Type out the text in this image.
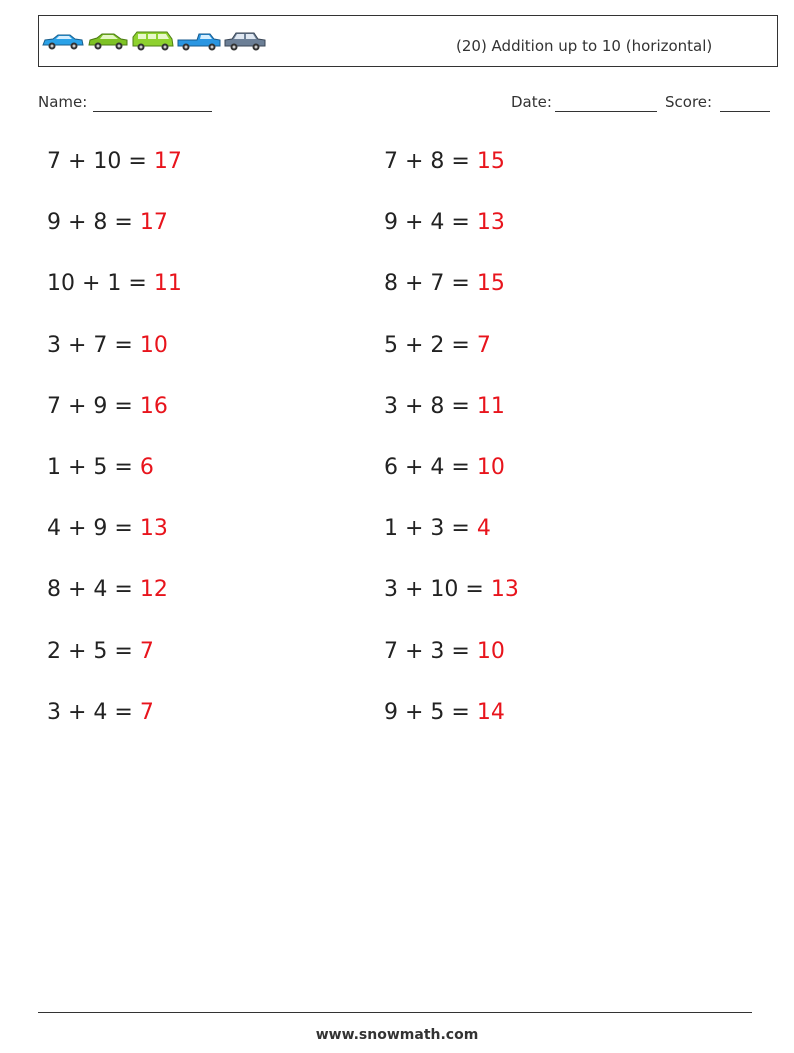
(20) Addition up to 10 (horizontal)
Name:	Date:	Score:
7 + 10 = 17
9 + 8 = 17
10 + 1 = 11
3 + 7 = 10
7 + 9 = 16
1 + 5 = 6
4 + 9 = 13
8 + 4 = 12
2 + 5 = 7
3 + 4 = 7
7 + 8 = 15
9 + 4 = 13
8 + 7 = 15
5 + 2 = 7
3 + 8 = 11
6 + 4 = 10
1 + 3 = 4
3 + 10 = 13
7 + 3 = 10
9 + 5 = 14
www.snowmath.com
